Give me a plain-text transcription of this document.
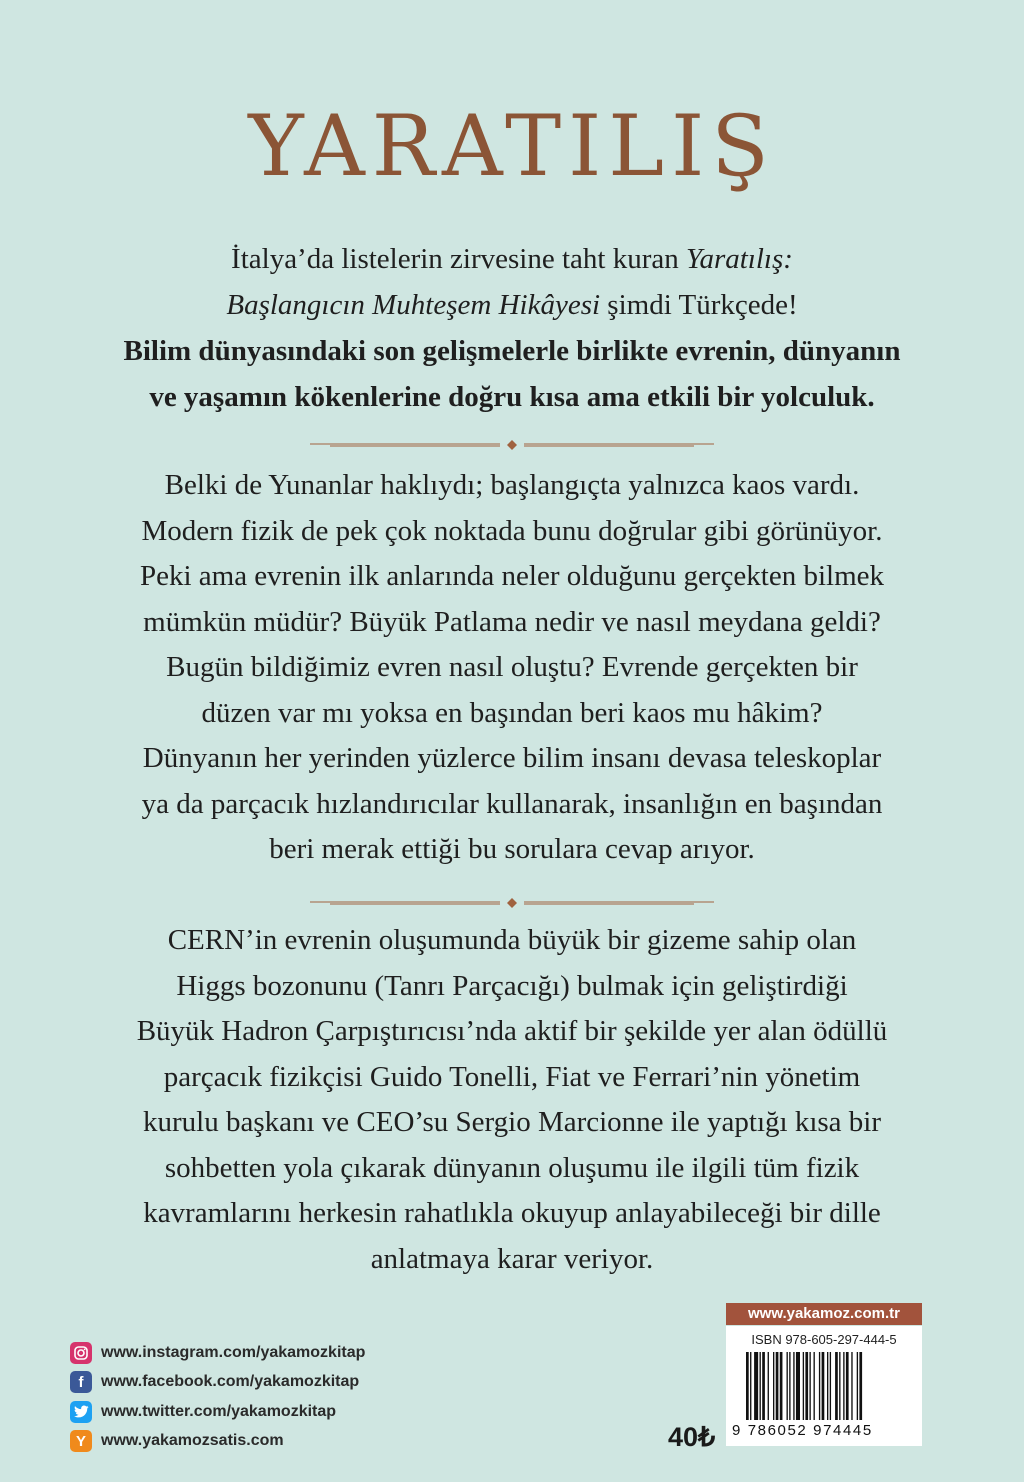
YARATILIŞ
İtalya’da listelerin zirvesine taht kuran Yaratılış:
Başlangıcın Muhteşem Hikâyesi şimdi Türkçede!
Bilim dünyasındaki son gelişmelerle birlikte evrenin, dünyanın
ve yaşamın kökenlerine doğru kısa ama etkili bir yolculuk.
Belki de Yunanlar haklıydı; başlangıçta yalnızca kaos vardı.
Modern fizik de pek çok noktada bunu doğrular gibi görünüyor.
Peki ama evrenin ilk anlarında neler olduğunu gerçekten bilmek
mümkün müdür? Büyük Patlama nedir ve nasıl meydana geldi?
Bugün bildiğimiz evren nasıl oluştu? Evrende gerçekten bir
düzen var mı yoksa en başından beri kaos mu hâkim?
Dünyanın her yerinden yüzlerce bilim insanı devasa teleskoplar
ya da parçacık hızlandırıcılar kullanarak, insanlığın en başından
beri merak ettiği bu sorulara cevap arıyor.
CERN’in evrenin oluşumunda büyük bir gizeme sahip olan
Higgs bozonunu (Tanrı Parçacığı) bulmak için geliştirdiği
Büyük Hadron Çarpıştırıcısı’nda aktif bir şekilde yer alan ödüllü
parçacık fizikçisi Guido Tonelli, Fiat ve Ferrari’nin yönetim
kurulu başkanı ve CEO’su Sergio Marcionne ile yaptığı kısa bir
sohbetten yola çıkarak dünyanın oluşumu ile ilgili tüm fizik
kavramlarını herkesin rahatlıkla okuyup anlayabileceği bir dille
anlatmaya karar veriyor.
www.instagram.com/yakamozkitap
f	www.facebook.com/yakamozkitap
www.twitter.com/yakamozkitap
Y www.yakamozsatis.com	40₺
www.yakamoz.com.tr
ISBN 978-605-297-444-5
9 786052 974445
